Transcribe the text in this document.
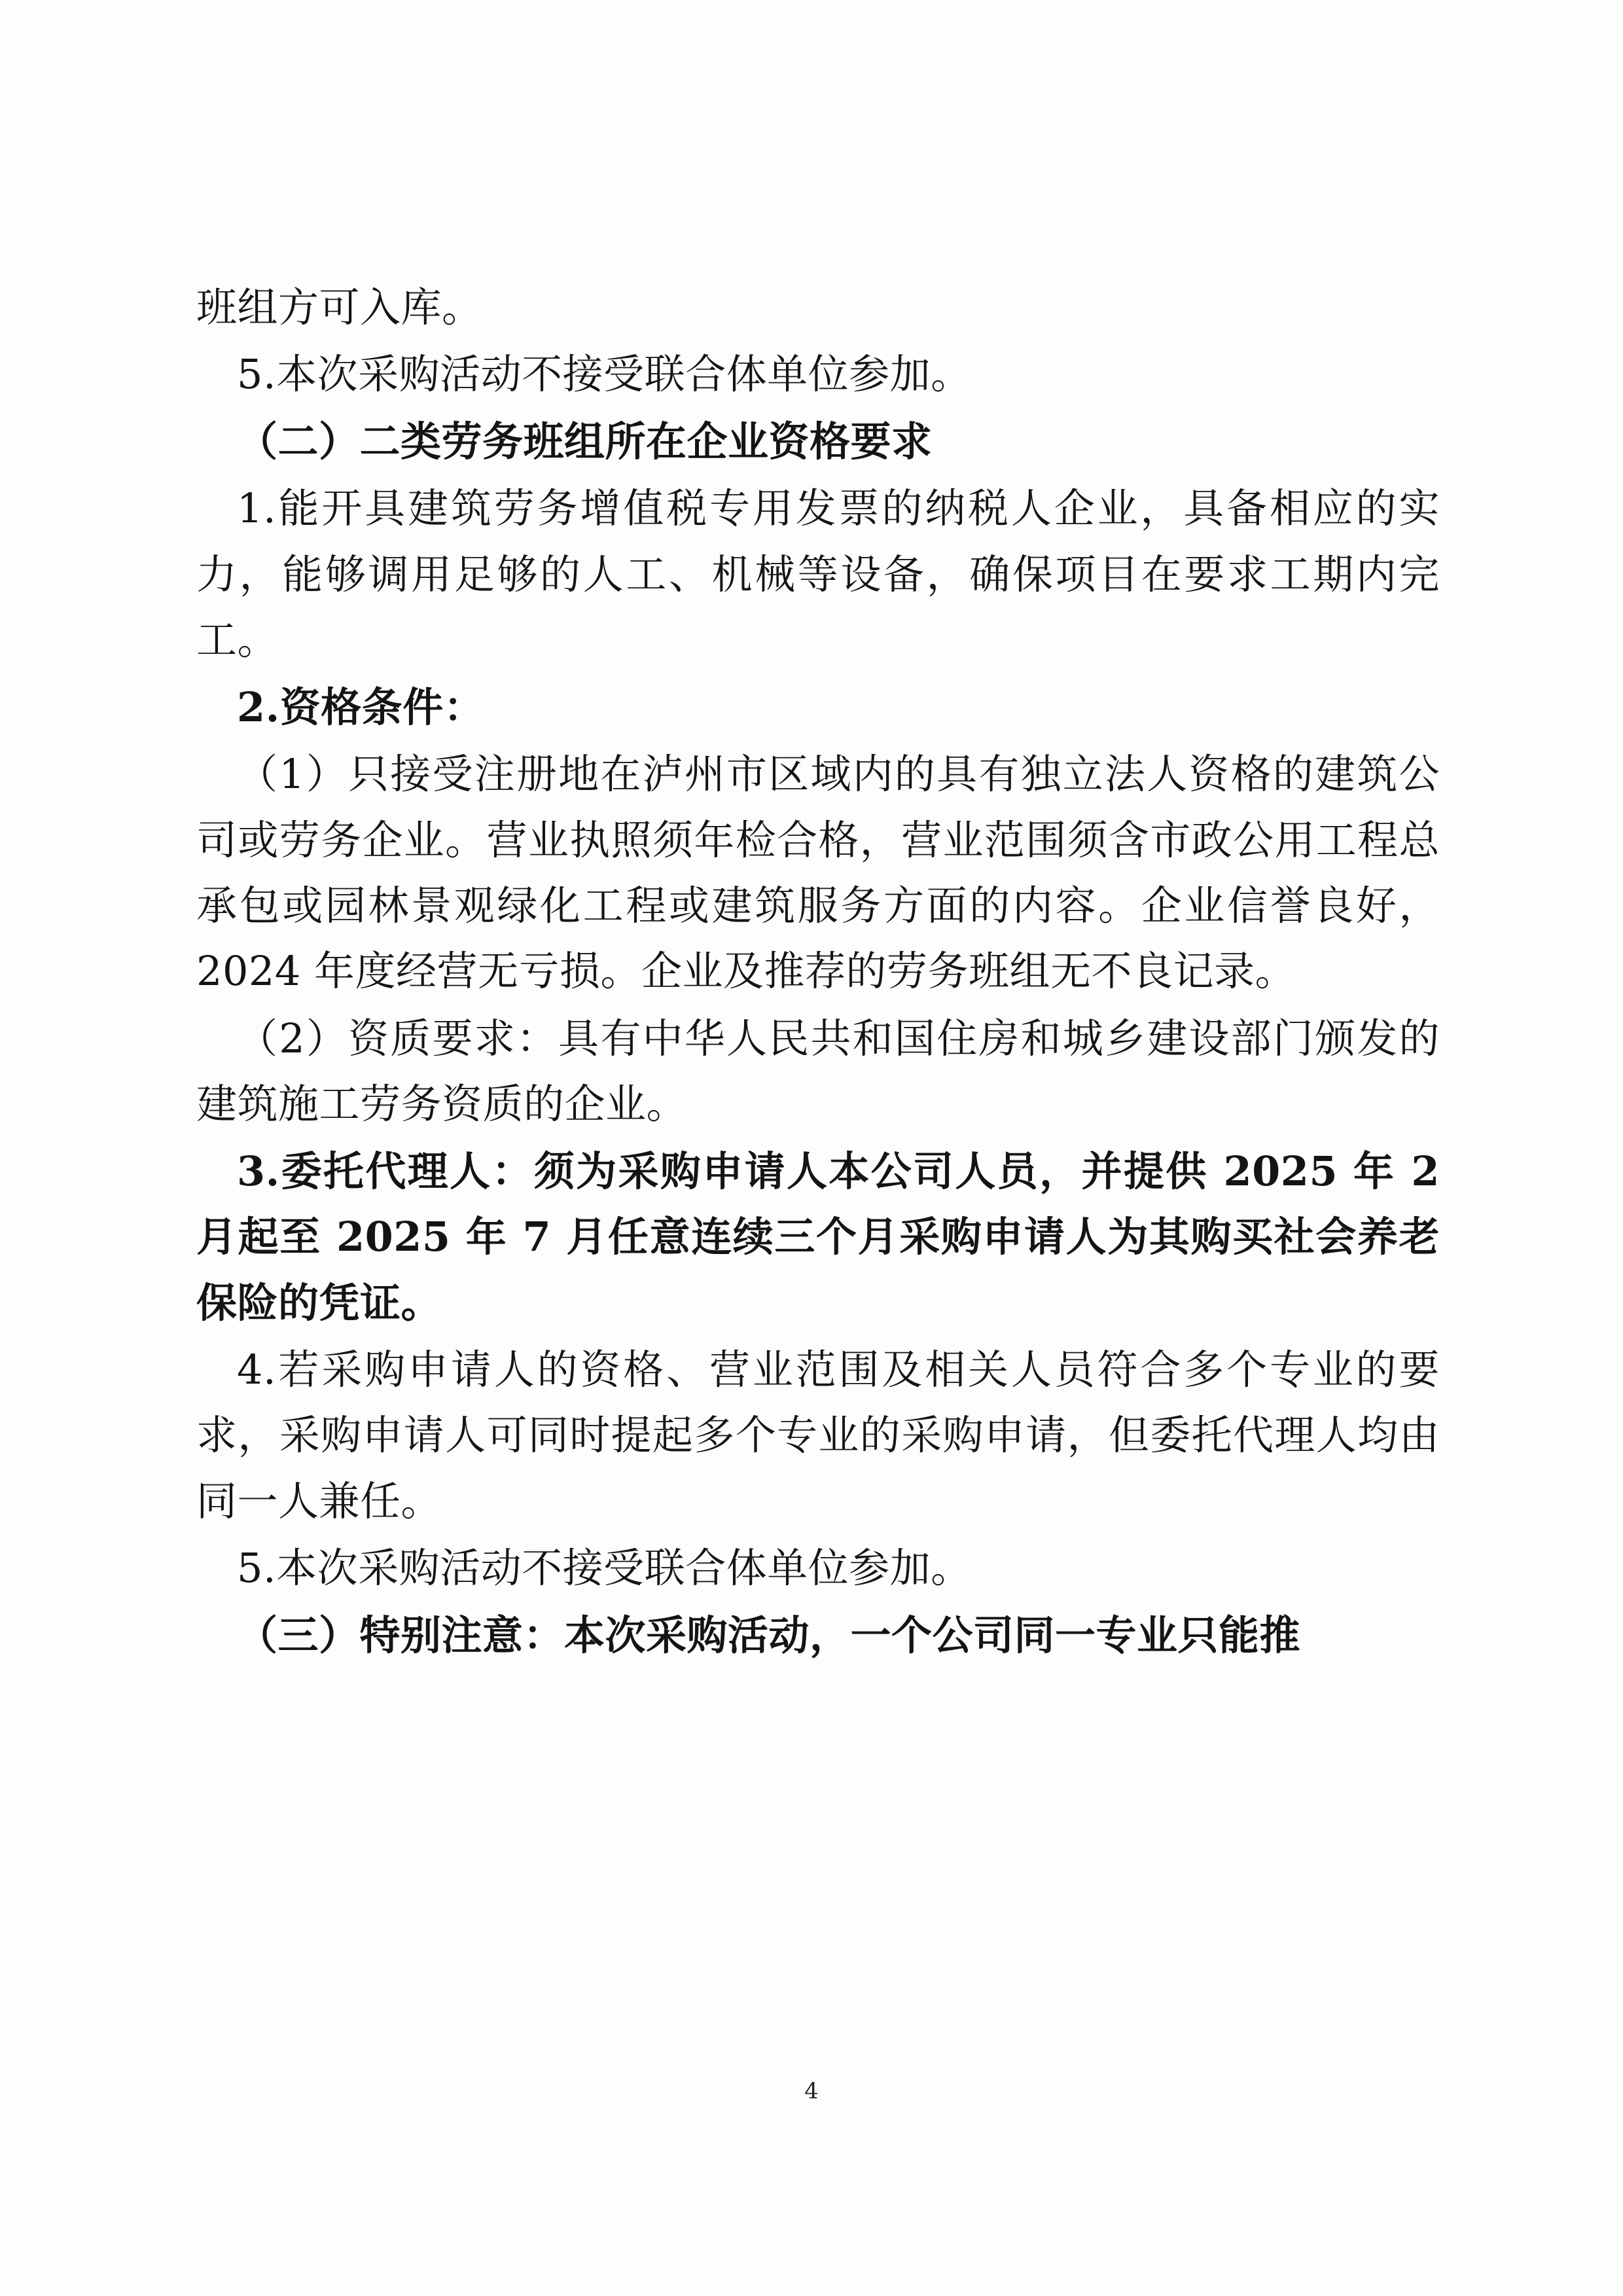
班组方可入库。

5.本次采购活动不接受联合体单位参加。

（二）二类劳务班组所在企业资格要求

1.能开具建筑劳务增值税专用发票的纳税人企业，具备相应的实力，能够调用足够的人工、机械等设备，确保项目在要求工期内完工。

2.资格条件：

（1）只接受注册地在泸州市区域内的具有独立法人资格的建筑公司或劳务企业。营业执照须年检合格，营业范围须含市政公用工程总承包或园林景观绿化工程或建筑服务方面的内容。企业信誉良好，2024 年度经营无亏损。企业及推荐的劳务班组无不良记录。

（2）资质要求：具有中华人民共和国住房和城乡建设部门颁发的建筑施工劳务资质的企业。

3.委托代理人：须为采购申请人本公司人员，并提供 2025 年 2 月起至 2025 年 7 月任意连续三个月采购申请人为其购买社会养老保险的凭证。

4.若采购申请人的资格、营业范围及相关人员符合多个专业的要求，采购申请人可同时提起多个专业的采购申请，但委托代理人均由同一人兼任。

5.本次采购活动不接受联合体单位参加。

（三）特别注意：本次采购活动，一个公司同一专业只能推

4
